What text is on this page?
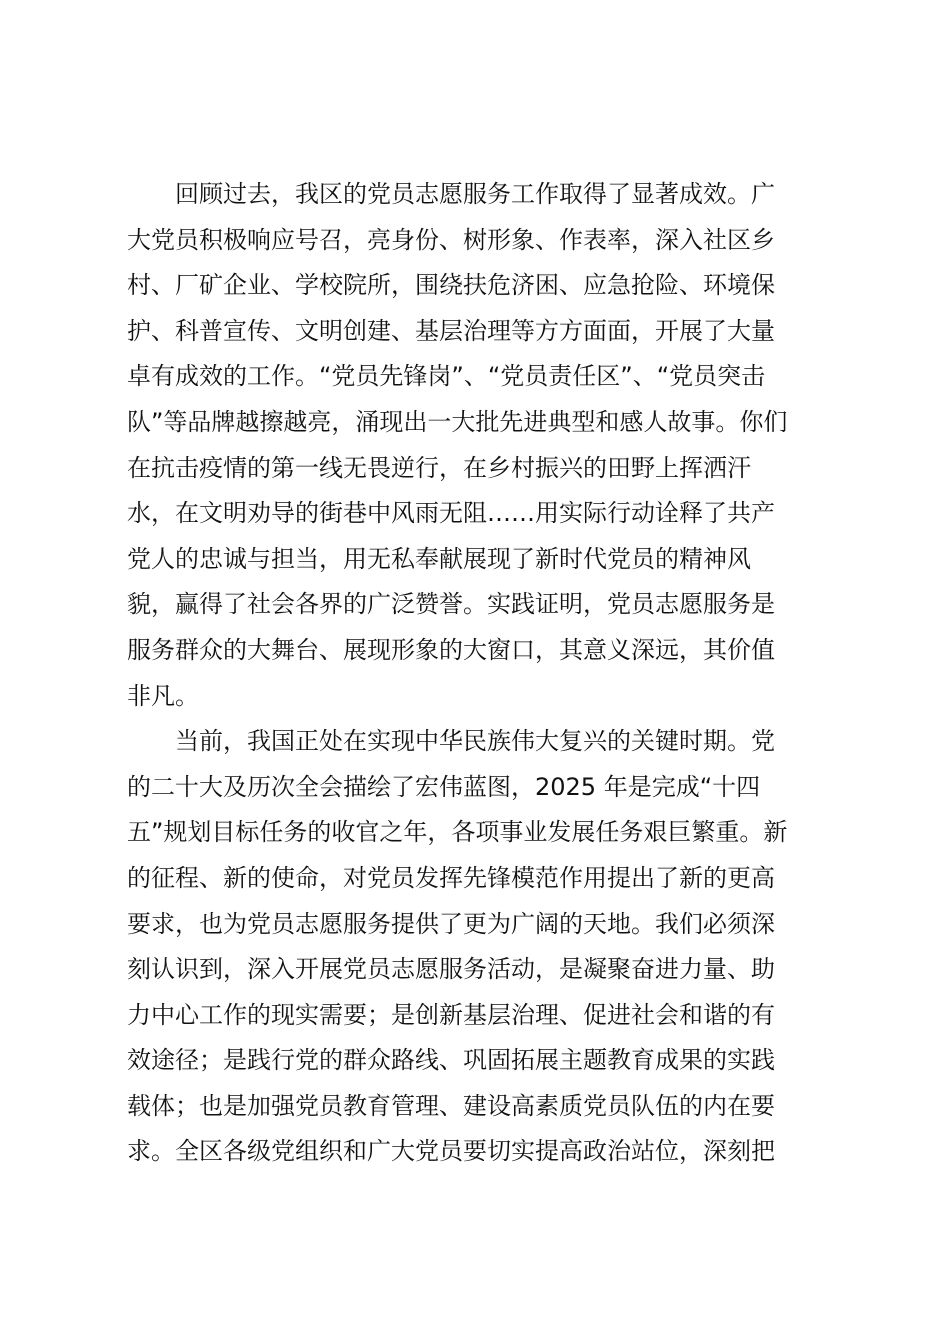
回顾过去，我区的党员志愿服务工作取得了显著成效。广
大党员积极响应号召，亮身份、树形象、作表率，深入社区乡
村、厂矿企业、学校院所，围绕扶危济困、应急抢险、环境保
护、科普宣传、文明创建、基层治理等方方面面，开展了大量
卓有成效的工作。“党员先锋岗”、“党员责任区”、“党员突击
队”等品牌越擦越亮，涌现出一大批先进典型和感人故事。你们
在抗击疫情的第一线无畏逆行，在乡村振兴的田野上挥洒汗
水，在文明劝导的街巷中风雨无阻……用实际行动诠释了共产
党人的忠诚与担当，用无私奉献展现了新时代党员的精神风
貌，赢得了社会各界的广泛赞誉。实践证明，党员志愿服务是
服务群众的大舞台、展现形象的大窗口，其意义深远，其价值
非凡。
当前，我国正处在实现中华民族伟大复兴的关键时期。党
的二十大及历次全会描绘了宏伟蓝图，2025 年是完成“十四
五”规划目标任务的收官之年，各项事业发展任务艰巨繁重。新
的征程、新的使命，对党员发挥先锋模范作用提出了新的更高
要求，也为党员志愿服务提供了更为广阔的天地。我们必须深
刻认识到，深入开展党员志愿服务活动，是凝聚奋进力量、助
力中心工作的现实需要；是创新基层治理、促进社会和谐的有
效途径；是践行党的群众路线、巩固拓展主题教育成果的实践
载体；也是加强党员教育管理、建设高素质党员队伍的内在要
求。全区各级党组织和广大党员要切实提高政治站位，深刻把
